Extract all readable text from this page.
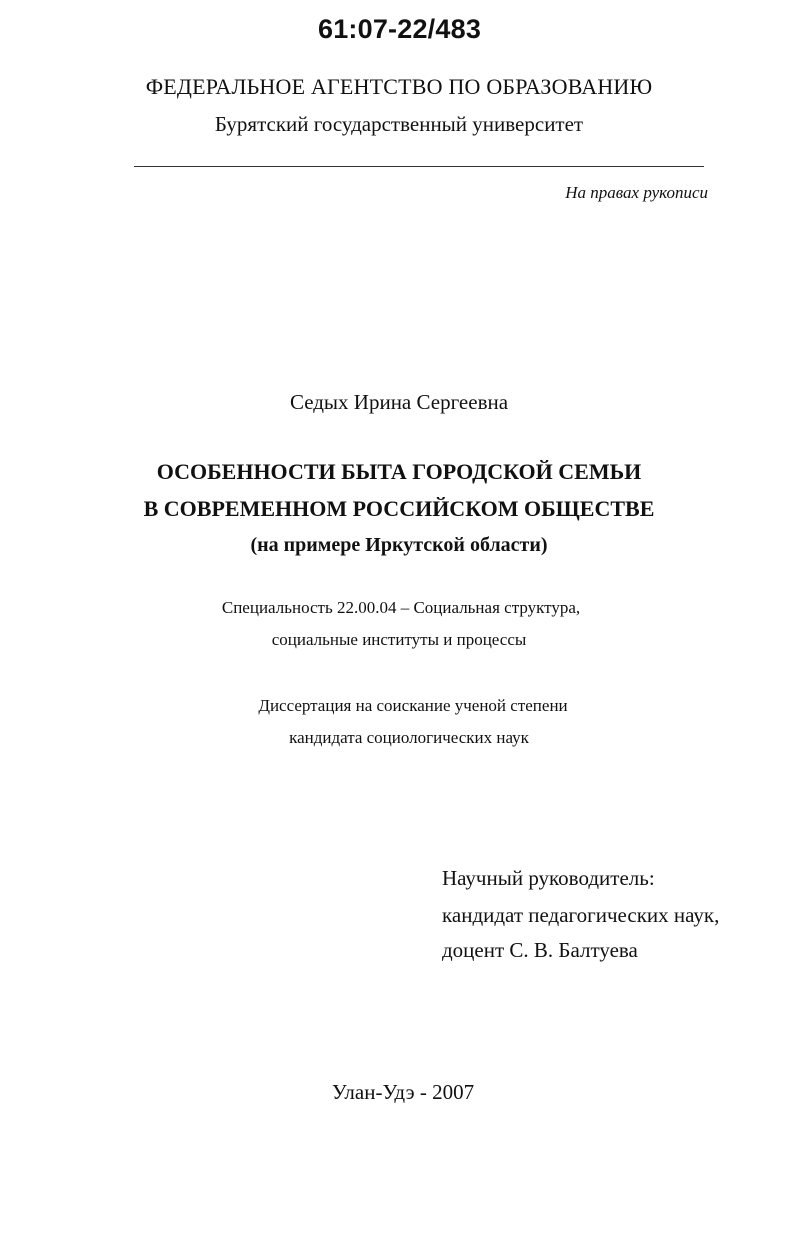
61:07-22/483
ФЕДЕРАЛЬНОЕ АГЕНТСТВО ПО ОБРАЗОВАНИЮ
Бурятский государственный университет
На правах рукописи
Седых Ирина Сергеевна
ОСОБЕННОСТИ БЫТА ГОРОДСКОЙ СЕМЬИ
В СОВРЕМЕННОМ РОССИЙСКОМ ОБЩЕСТВЕ
(на примере Иркутской области)
Специальность 22.00.04 – Социальная структура,
социальные институты и процессы
Диссертация на соискание ученой степени
кандидата социологических наук
Научный руководитель:
кандидат педагогических наук,
доцент С. В. Балтуева
Улан-Удэ - 2007
